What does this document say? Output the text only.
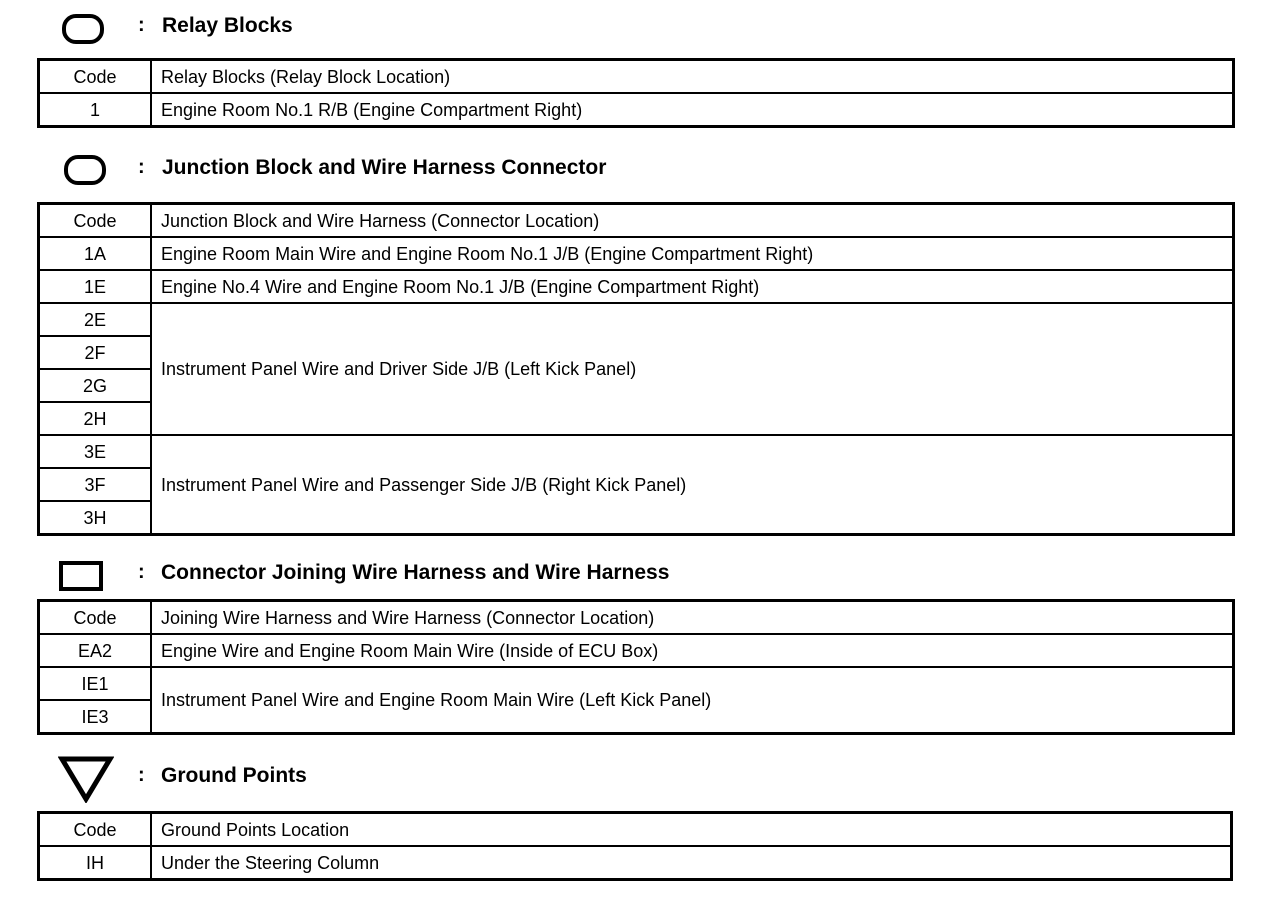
: Relay Blocks
Code	Relay Blocks (Relay Block Location)
1	Engine Room No.1 R/B (Engine Compartment Right)
: Junction Block and Wire Harness Connector
Code	Junction Block and Wire Harness (Connector Location)
1A	Engine Room Main Wire and Engine Room No.1 J/B (Engine Compartment Right)
1E	Engine No.4 Wire and Engine Room No.1 J/B (Engine Compartment Right)
2E	Instrument Panel Wire and Driver Side J/B (Left Kick Panel)
2F	
2G	
2H	
3E	Instrument Panel Wire and Passenger Side J/B (Right Kick Panel)
3F	
3H	
: Connector Joining Wire Harness and Wire Harness
Code	Joining Wire Harness and Wire Harness (Connector Location)
EA2	Engine Wire and Engine Room Main Wire (Inside of ECU Box)
IE1	Instrument Panel Wire and Engine Room Main Wire (Left Kick Panel)
IE3	
: Ground Points
Code	Ground Points Location
IH	Under the Steering Column
